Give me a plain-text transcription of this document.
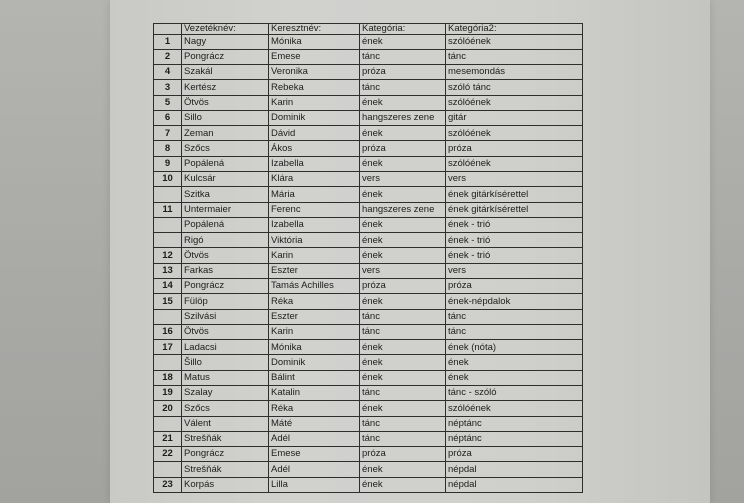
	Vezetéknév:	Keresztnév:	Kategória:	Kategória2:
1	Nagy	Mónika	ének	szólóének
2	Pongrácz	Emese	tánc	tánc
4	Szakál	Veronika	próza	mesemondás
3	Kertész	Rebeka	tánc	szóló tánc
5	Ötvös	Karin	ének	szólóének
6	Sillo	Dominik	hangszeres zene	gitár
7	Zeman	Dávid	ének	szólóének
8	Szőcs	Ákos	próza	próza
9	Popálená	Izabella	ének	szólóének
10	Kulcsár	Klára	vers	vers
	Szitka	Mária	ének	ének gitárkísérettel
11	Untermaier	Ferenc	hangszeres zene	ének gitárkísérettel
	Popálená	Izabella	ének	ének - trió
	Rigó	Viktória	ének	ének - trió
12	Ötvös	Karin	ének	ének - trió
13	Farkas	Eszter	vers	vers
14	Pongrácz	Tamás Achilles	próza	próza
15	Fülöp	Réka	ének	ének-népdalok
	Szilvási	Eszter	tánc	tánc
16	Ötvös	Karin	tánc	tánc
17	Ladacsi	Mónika	ének	ének (nóta)
	Šillo	Dominik	ének	ének
18	Matus	Bálint	ének	ének
19	Szalay	Katalin	tánc	tánc - szóló
20	Szőcs	Réka	ének	szólóének
	Válent	Máté	tánc	néptánc
21	Strešňák	Adél	tánc	néptánc
22	Pongrácz	Emese	próza	próza
	Strešňák	Adél	ének	népdal
23	Korpás	Lilla	ének	népdal
